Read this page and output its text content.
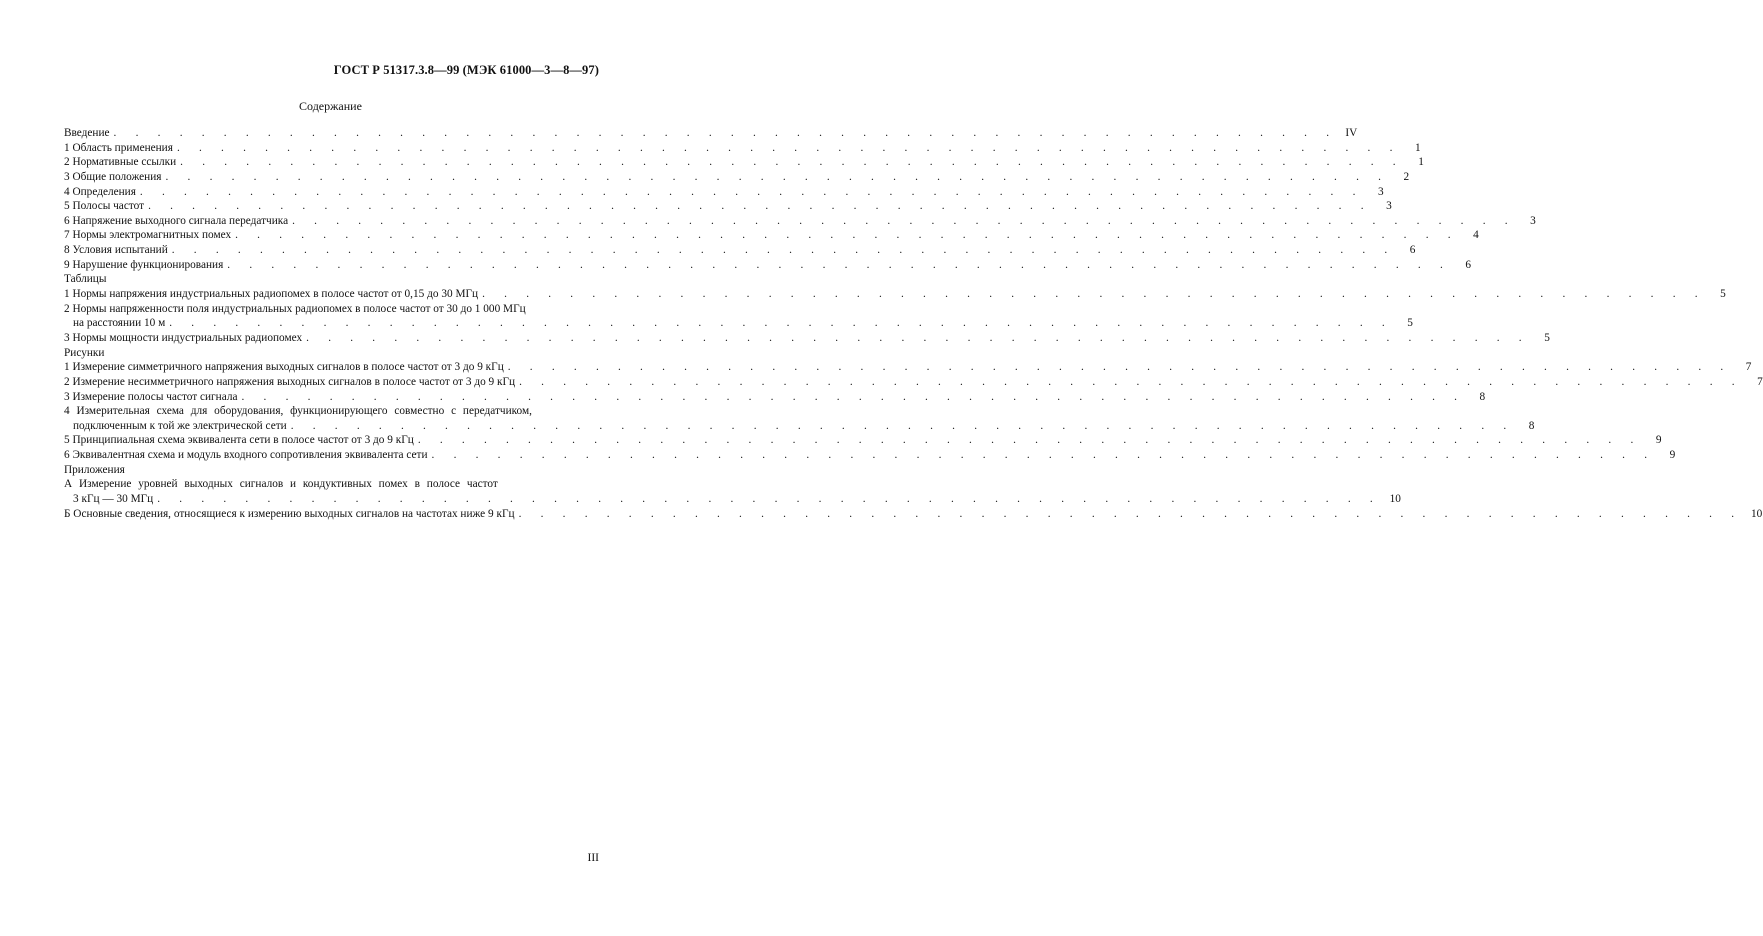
ГОСТ Р 51317.3.8—99 (МЭК 61000—3—8—97)
Содержание
Введение . . . . . . . . . . . . . . . . . . . . . . . . . . . . . . . . . . . . . . . . . . . . . . . . . . . . . . . . IV
1 Область применения . . . . . . . . . . . . . . . . . . . . . . . . . . . . . . . . . . . . . . . . . . . . . . . . . . . . . . . .	1
2 Нормативные ссылки . . . . . . . . . . . . . . . . . . . . . . . . . . . . . . . . . . . . . . . . . . . . . . . . . . . . . . . .	1
3 Общие положения . . . . . . . . . . . . . . . . . . . . . . . . . . . . . . . . . . . . . . . . . . . . . . . . . . . . . . . .	2
4 Определения . . . . . . . . . . . . . . . . . . . . . . . . . . . . . . . . . . . . . . . . . . . . . . . . . . . . . . . .	3
5 Полосы частот . . . . . . . . . . . . . . . . . . . . . . . . . . . . . . . . . . . . . . . . . . . . . . . . . . . . . . . .	3
6 Напряжение выходного сигнала передатчика . . . . . . . . . . . . . . . . . . . . . . . . . . . . . . . . . . . . . . . . . . . . . . . . . . . . . . . .	3
7 Нормы электромагнитных помех . . . . . . . . . . . . . . . . . . . . . . . . . . . . . . . . . . . . . . . . . . . . . . . . . . . . . . . .	4
8 Условия испытаний . . . . . . . . . . . . . . . . . . . . . . . . . . . . . . . . . . . . . . . . . . . . . . . . . . . . . . . .	6
9 Нарушение функционирования . . . . . . . . . . . . . . . . . . . . . . . . . . . . . . . . . . . . . . . . . . . . . . . . . . . . . . . .	6
Таблицы
1 Нормы напряжения индустриальных радиопомех в полосе частот от 0,15 до 30 МГц . . . . . . . . . . . . . . . . . . . . . . . . . . . . . . . . . . . . . . . . . . . . . . . . . . . . . . . .	5
2 Нормы напряженности поля индустриальных радиопомех в полосе частот от 30 до 1 000 МГц
на расстоянии 10 м . . . . . . . . . . . . . . . . . . . . . . . . . . . . . . . . . . . . . . . . . . . . . . . . . . . . . . . .	5
3 Нормы мощности индустриальных радиопомех . . . . . . . . . . . . . . . . . . . . . . . . . . . . . . . . . . . . . . . . . . . . . . . . . . . . . . . .	5
Рисунки
1 Измерение симметричного напряжения выходных сигналов в полосе частот от 3 до 9 кГц . . . . . . . . . . . . . . . . . . . . . . . . . . . . . . . . . . . . . . . . . . . . . . . . . . . . . . . .	7
2 Измерение несимметричного напряжения выходных сигналов в полосе частот от 3 до 9 кГц . . . . . . . . . . . . . . . . . . . . . . . . . . . . . . . . . . . . . . . . . . . . . . . . . . . . . . . .	7
3 Измерение полосы частот сигнала . . . . . . . . . . . . . . . . . . . . . . . . . . . . . . . . . . . . . . . . . . . . . . . . . . . . . . . .	8
4 Измерительная схема для оборудования, функционирующего совместно с передатчиком,
подключенным к той же электрической сети . . . . . . . . . . . . . . . . . . . . . . . . . . . . . . . . . . . . . . . . . . . . . . . . . . . . . . . .	8
5 Принципиальная схема эквивалента сети в полосе частот от 3 до 9 кГц . . . . . . . . . . . . . . . . . . . . . . . . . . . . . . . . . . . . . . . . . . . . . . . . . . . . . . . .	9
6 Эквивалентная схема и модуль входного сопротивления эквивалента сети . . . . . . . . . . . . . . . . . . . . . . . . . . . . . . . . . . . . . . . . . . . . . . . . . . . . . . . .	9
Приложения
А Измерение уровней выходных сигналов и кондуктивных помех в полосе частот
3 кГц — 30 МГц . . . . . . . . . . . . . . . . . . . . . . . . . . . . . . . . . . . . . . . . . . . . . . . . . . . . . . . . 10
Б Основные сведения, относящиеся к измерению выходных сигналов на частотах ниже 9 кГц . . . . . . . . . . . . . . . . . . . . . . . . . . . . . . . . . . . . . . . . . . . . . . . . . . . . . . . . 10
III
